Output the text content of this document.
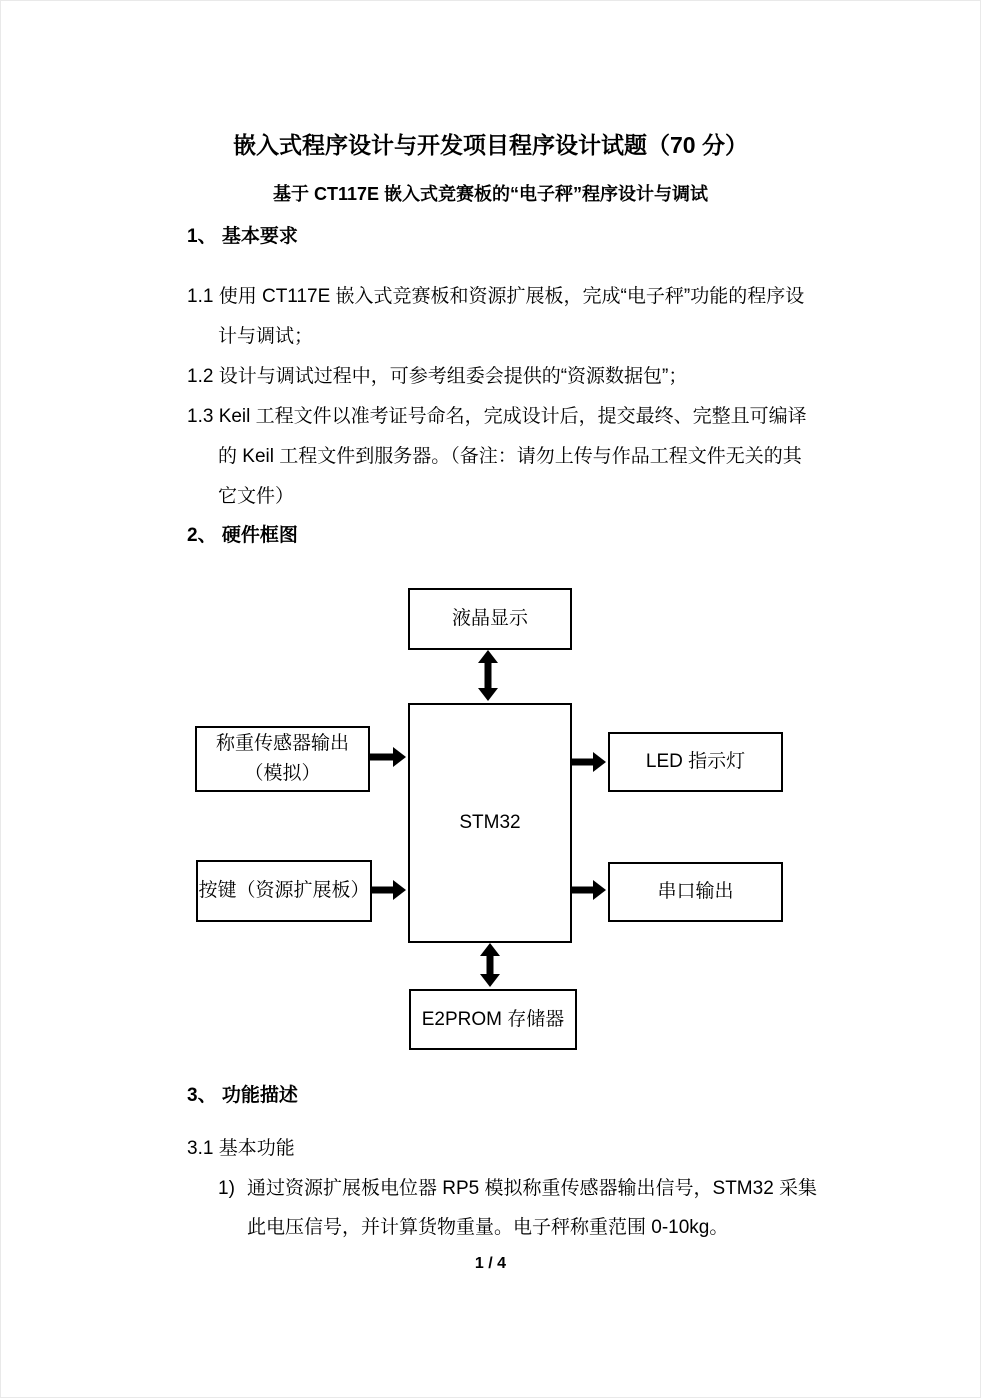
嵌入式程序设计与开发项目程序设计试题（70 分）
基于 CT117E 嵌入式竞赛板的“电子秤”程序设计与调试
1、 基本要求
1.1 使用 CT117E 嵌入式竞赛板和资源扩展板，完成“电子秤”功能的程序设
计与调试；
1.2 设计与调试过程中，可参考组委会提供的“资源数据包”；
1.3 Keil 工程文件以准考证号命名，完成设计后，提交最终、完整且可编译
的 Keil 工程文件到服务器。（备注：请勿上传与作品工程文件无关的其
它文件）
2、 硬件框图
液晶显示
STM32
称重传感器输出
（模拟）
按键（资源扩展板）
LED 指示灯
串口输出
E2PROM 存储器
3、 功能描述
3.1 基本功能
1) 通过资源扩展板电位器 RP5 模拟称重传感器输出信号，STM32 采集
此电压信号，并计算货物重量。电子秤称重范围 0-10kg。
1 / 4
